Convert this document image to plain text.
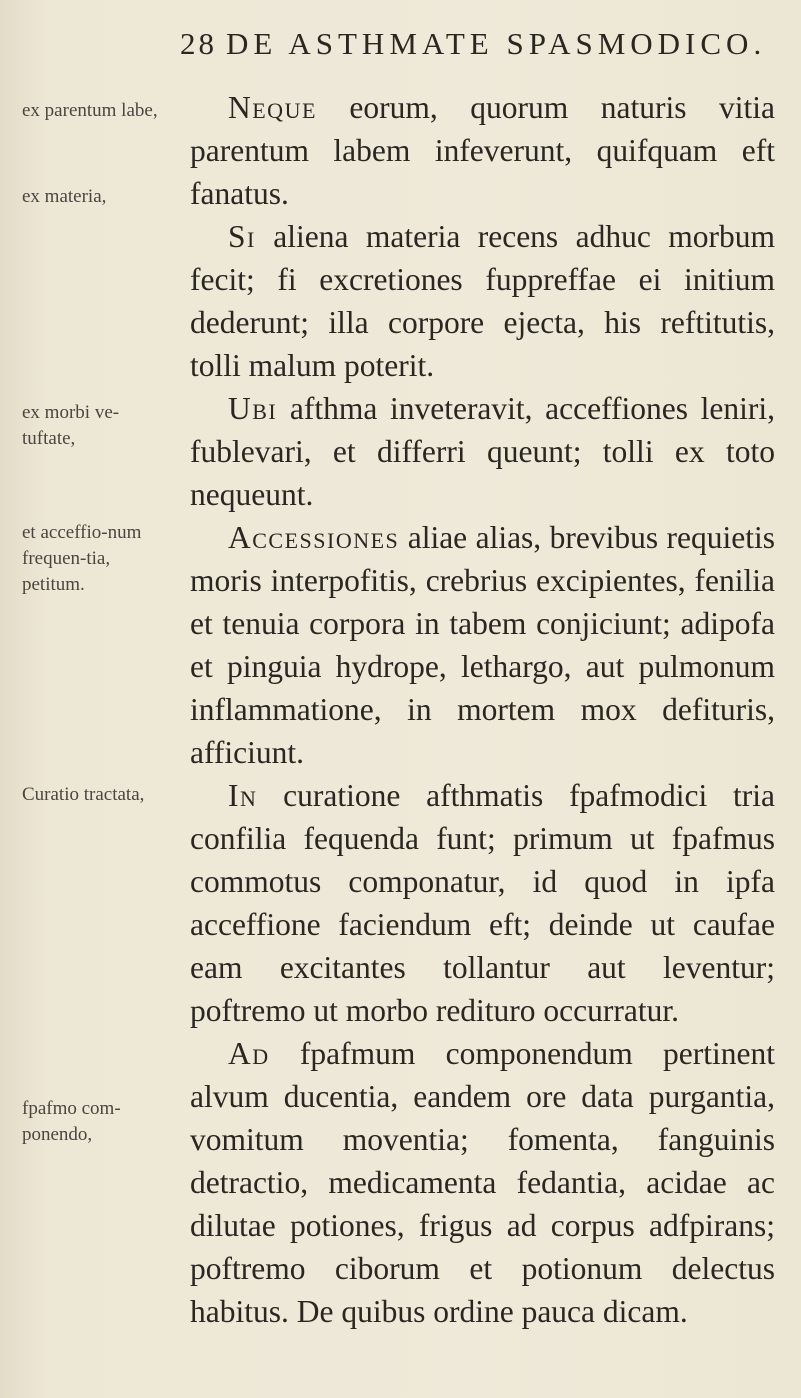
28 DE ASTHMATE SPASMODICO.
ex parentum labe,
ex materia,
ex morbi ve-tuftate,
et acceffio-num frequen-tia, petitum.
Curatio tractata,
fpafmo com-ponendo,

Neque eorum, quorum naturis vitia parentum labem infeverunt, quifquam eft fanatus.

Si aliena materia recens adhuc morbum fecit; fi excretiones fuppreffae ei initium dederunt; illa corpore ejecta, his reftitutis, tolli malum poterit.

Ubi afthma inveteravit, acceffiones leniri, fublevari, et differri queunt; tolli ex toto nequeunt.

Accessiones aliae alias, brevibus requietis moris interpofitis, crebrius excipientes, fenilia et tenuia corpora in tabem conjiciunt; adipofa et pinguia hydrope, lethargo, aut pulmonum inflammatione, in mortem mox defituris, afficiunt.

In curatione afthmatis fpafmodici tria confilia fequenda funt; primum ut fpafmus commotus componatur, id quod in ipfa acceffione faciendum eft; deinde ut caufae eam excitantes tollantur aut leventur; poftremo ut morbo redituro occurratur.

Ad fpafmum componendum pertinent alvum ducentia, eandem ore data purgantia, vomitum moventia; fomenta, fanguinis detractio, medicamenta fedantia, acidae ac dilutae potiones, frigus ad corpus adfpirans; poftremo ciborum et potionum delectus habitus. De quibus ordine pauca dicam.
